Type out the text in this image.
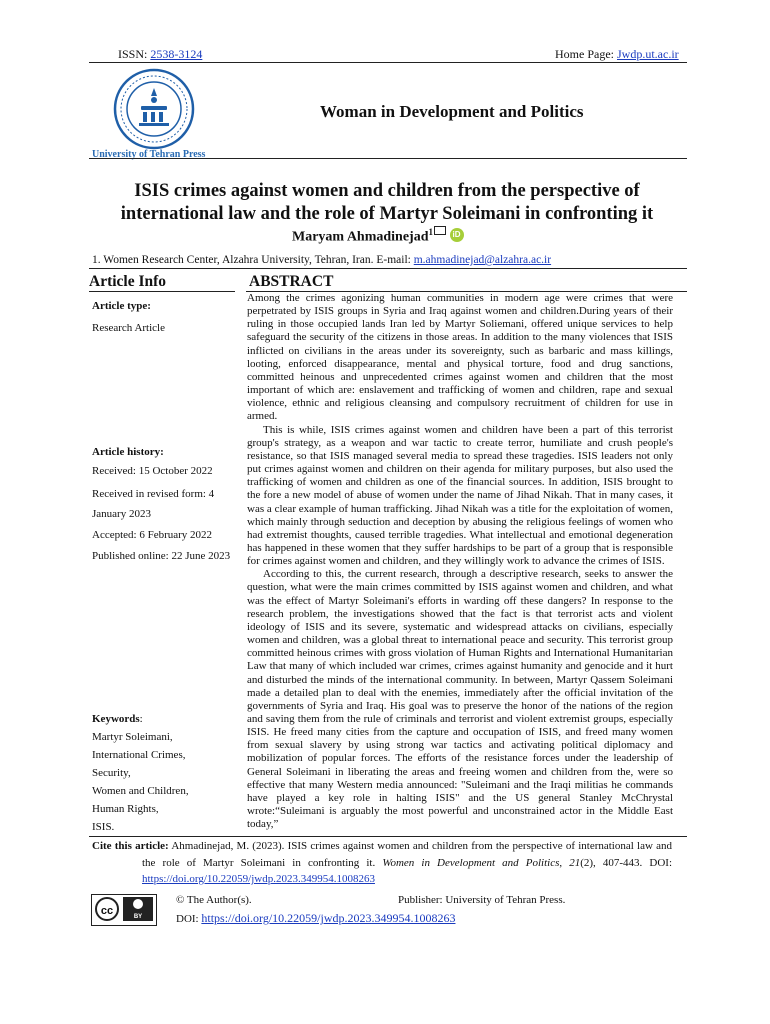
ISSN: 2538-3124	Home Page: Jwdp.ut.ac.ir
University of Tehran Press
Woman in Development and Politics
ISIS crimes against women and children from the perspective of international law and the role of Martyr Soleimani in confronting it
Maryam Ahmadinejad$^1$ iD
1. Women Research Center, Alzahra University, Tehran, Iran. E-mail: m.ahmadinejad@alzahra.ac.ir
Article Info	ABSTRACT
Article type:
Research Article
Article history:
Received: 15 October 2022
Received in revised form: 4
January 2023
Accepted: 6 February 2022
Published online: 22 June 2023
Keywords:
Martyr Soleimani,
International Crimes,
Security,
Women and Children,
Human Rights,
ISIS.

Among the crimes agonizing human communities in modern age were crimes that were perpetrated by ISIS groups in Syria and Iraq against women and children.During years of their ruling in those occupied lands Iran led by Martyr Soliemani, offered unique services to help safeguard the security of the citizens in those areas. In addition to the many violences that ISIS inflicted on civilians in the areas under its sovereignty, such as barbaric and mass killings, looting, enforced disappearance, mental and physical torture, food and drug sanctions, committed heinous and unprecedented crimes against women and children that the most important of which are: enslavement and trafficking of women and children, rape and sexual violence, ethnic and religious cleansing and compulsory recruitment of children for use in armed.

This is while, ISIS crimes against women and children have been a part of this terrorist group's strategy, as a weapon and war tactic to create terror, humiliate and crush people's resistance, so that ISIS managed several media to spread these tragedies. ISIS leaders not only put crimes against women and children on their agenda for military purposes, but also used the trafficking of women and children as one of the financial sources. In addition, ISIS brought to the fore a new model of abuse of women under the name of Jihad Nikah. That in many cases, it was a clear example of human trafficking. Jihad Nikah was a title for the exploitation of women, which mainly through seduction and deception by abusing the religious feelings of women who had extremist thoughts, caused terrible tragedies. What intellectual and emotional degeneration has happened in these women that they suffer hardships to be part of a group that is responsible for crimes against women and children, and they willingly work to advance the crimes of ISIS.

According to this, the current research, through a descriptive research, seeks to answer the question, what were the main crimes committed by ISIS against women and children, and what was the effect of Martyr Soleimani's efforts in warding off these dangers? In response to the research problem, the investigations showed that the fact is that terrorist acts and violent ideology of ISIS and its severe, systematic and widespread attacks on civilians, especially women and children, was a global threat to international peace and security. This terrorist group committed heinous crimes with gross violation of Human Rights and International Humanitarian Law that many of which included war crimes, crimes against humanity and genocide and it hurt and disturbed the minds of the international community. In between, Martyr Qassem Soleimani made a detailed plan to deal with the enemies, immediately after the official invitation of the governments of Syria and Iraq. His goal was to preserve the honor of the nations of the region and saving them from the rule of criminals and terrorist and violent extremist groups, especially ISIS. He freed many cities from the capture and occupation of ISIS, and freed many women from sexual slavery by using strong war tactics and activating political diplomacy and mobilization of popular forces. The efforts of the resistance forces under the leadership of General Soleimani in liberating the areas and freeing women and children from the, were so effective that many Western media announced: "Suleimani and the Iraqi militias he commands have played a key role in halting ISIS" and the US general Stanley McChrystal wrote:“Suleimani is arguably the most powerful and unconstrained actor in the Middle East today,”

Cite this article: Ahmadinejad, M. (2023). ISIS crimes against women and children from the perspective of international law and the role of Martyr Soleimani in confronting it. Women in Development and Politics, 21(2), 407-443. DOI: https://doi.org/10.22059/jwdp.2023.349954.1008263
cc	BY
© The Author(s).	Publisher: University of Tehran Press.
DOI: https://doi.org/10.22059/jwdp.2023.349954.1008263
